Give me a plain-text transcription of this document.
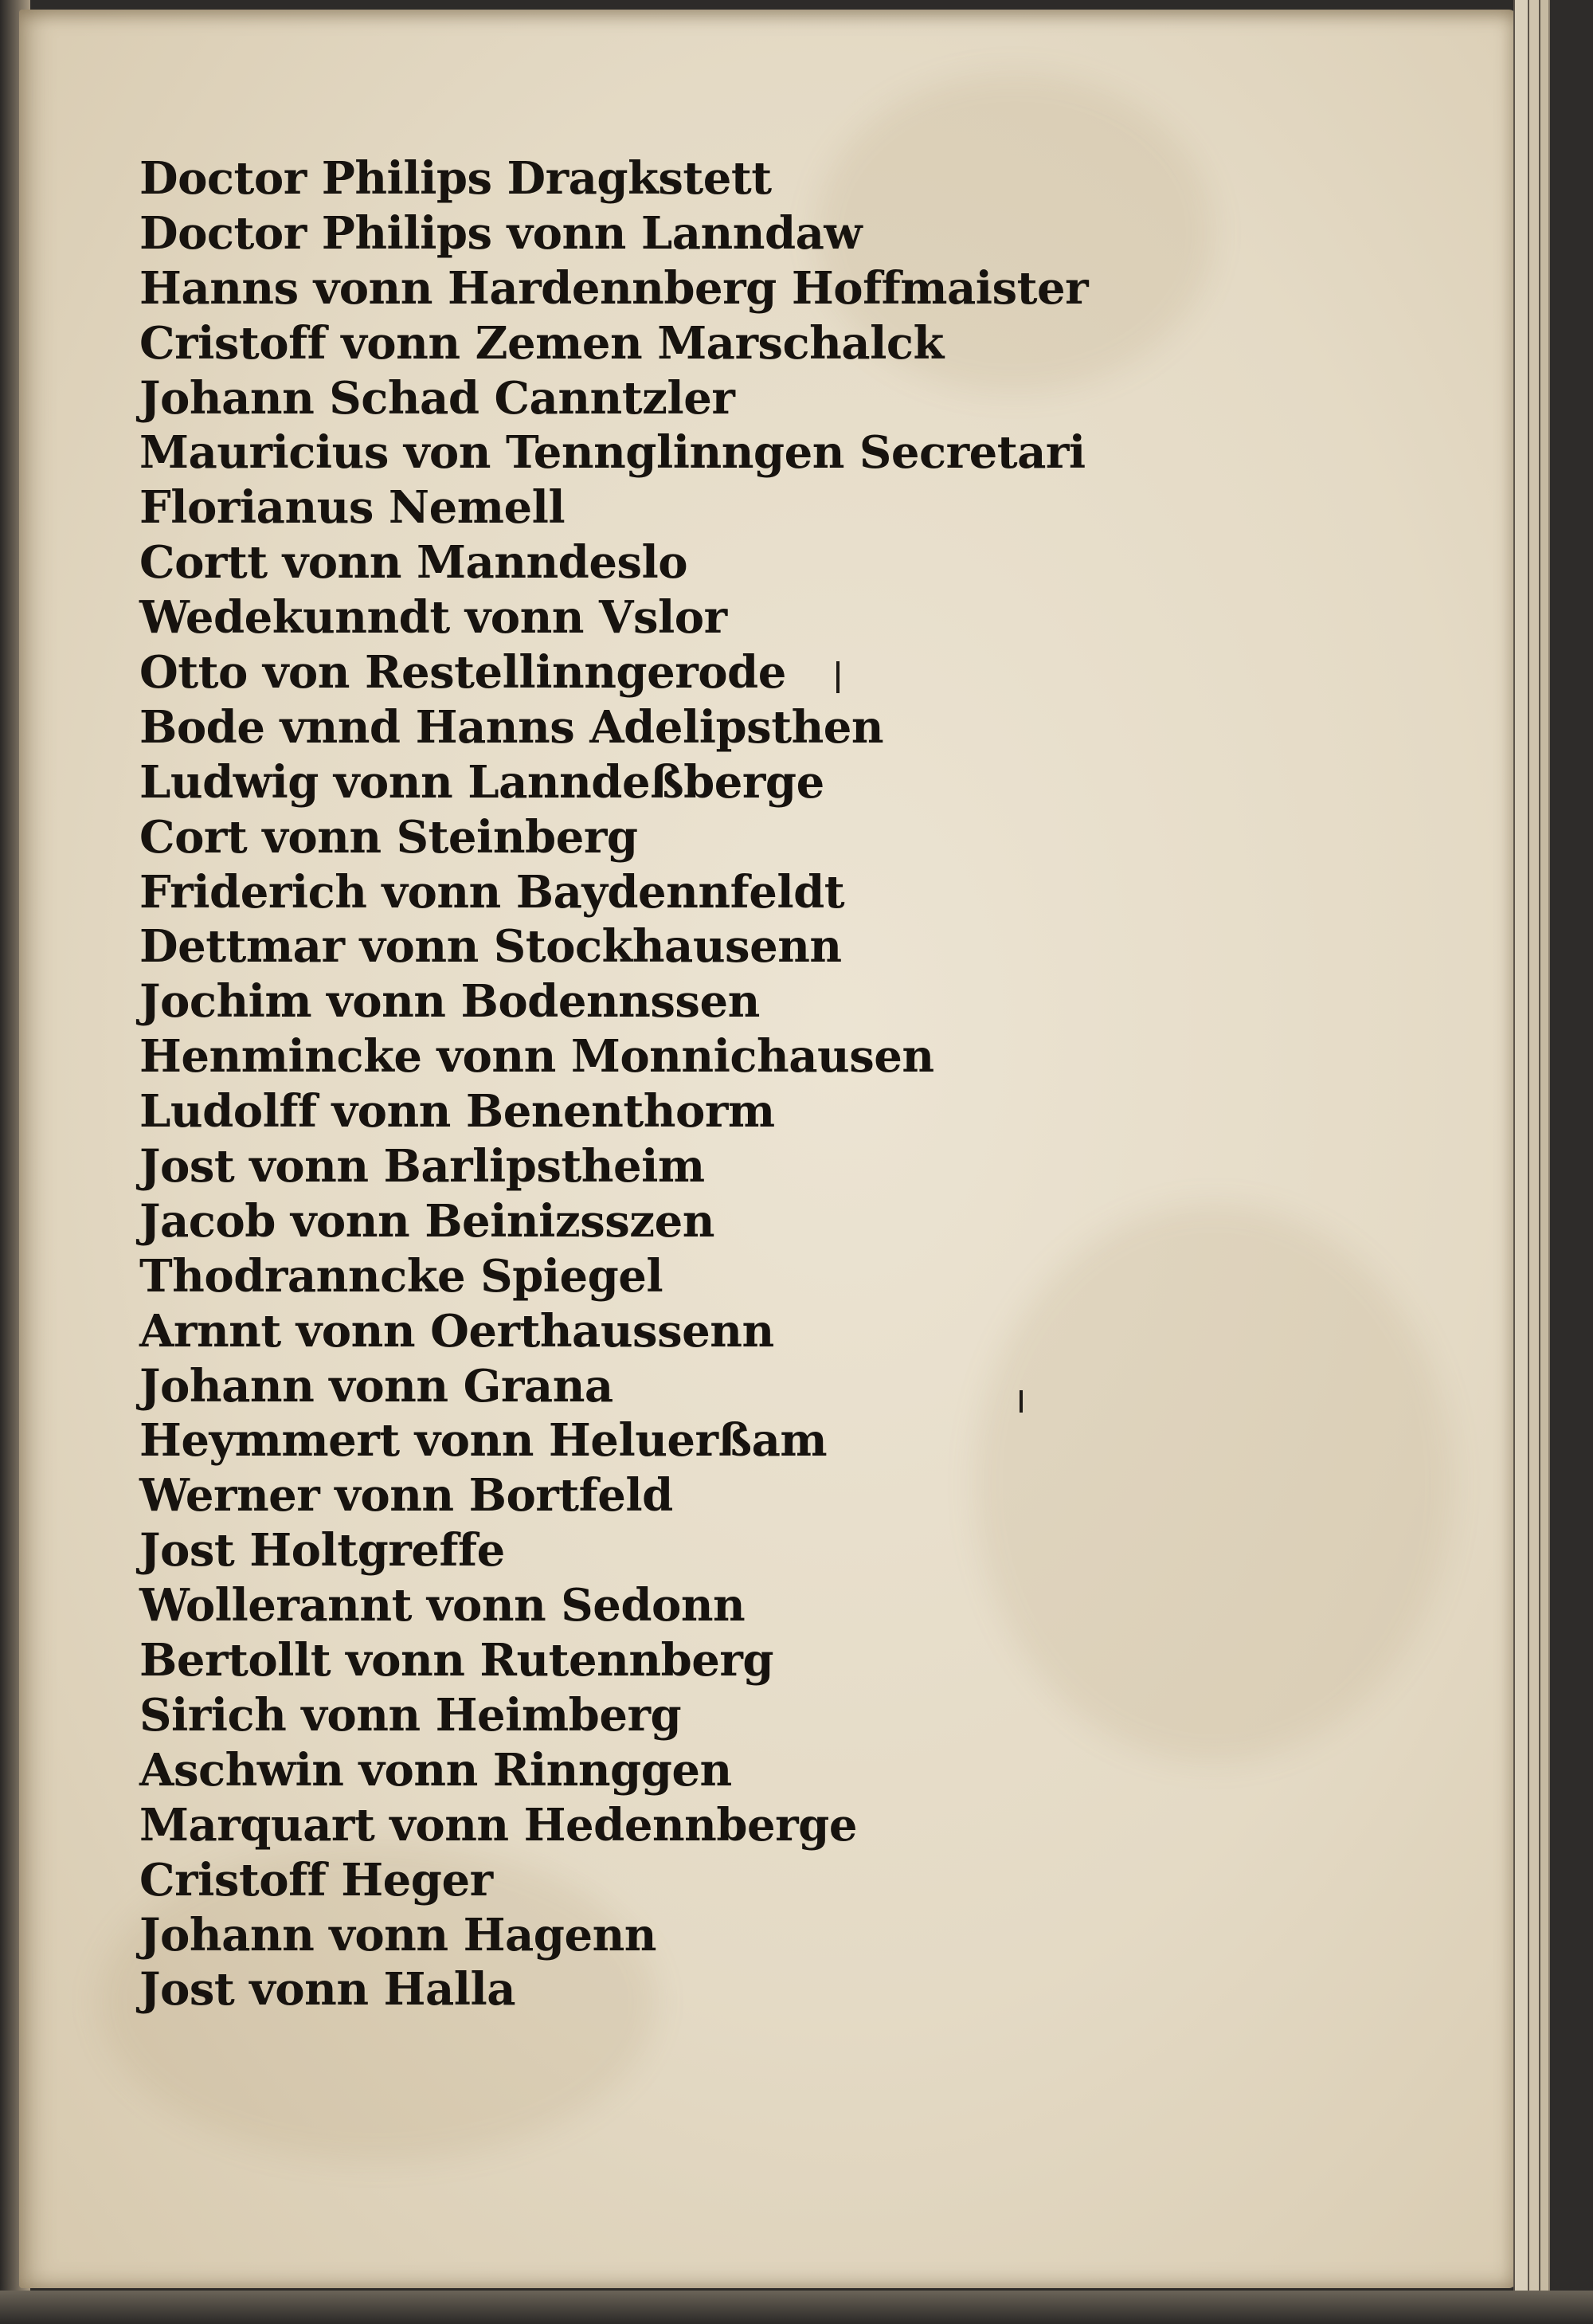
Doctor Philips Dragkstett
Doctor Philips vonn Lanndaw
Hanns vonn Hardennberg Hoffmaister
Cristoff vonn Zemen Marschalck
Johann Schad Canntzler
Mauricius von Tennglinngen Secretari
Florianus Nemell
Cortt vonn Manndeslo
Wedekunndt vonn Vslor
Otto von Restellinngerode
Bode vnnd Hanns Adelipsthen
Ludwig vonn Lanndeßberge
Cort vonn Steinberg
Friderich vonn Baydennfeldt
Dettmar vonn Stockhausenn
Jochim vonn Bodennssen
Henmincke vonn Monnichausen
Ludolff vonn Benenthorm
Jost vonn Barlipstheim
Jacob vonn Beinizsszen
Thodranncke Spiegel
Arnnt vonn Oerthaussenn
Johann vonn Grana
Heymmert vonn Heluerßam
Werner vonn Bortfeld
Jost Holtgreffe
Wollerannt vonn Sedonn
Bertollt vonn Rutennberg
Sirich vonn Heimberg
Aschwin vonn Rinnggen
Marquart vonn Hedennberge
Cristoff Heger
Johann vonn Hagenn
Jost vonn Halla
